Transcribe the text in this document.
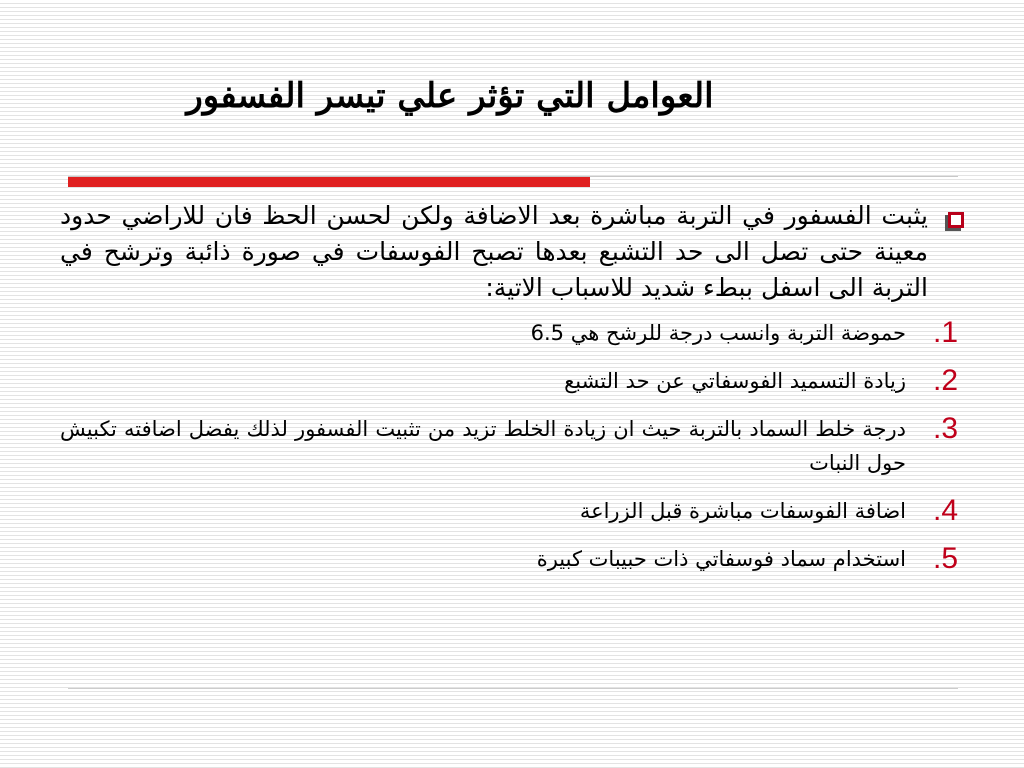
العوامل التي تؤثر علي تيسر الفسفور

يثبت الفسفور في التربة مباشرة بعد الاضافة ولكن لحسن الحظ فان للاراضي حدود معينة حتى تصل الى حد التشبع بعدها تصبح الفوسفات في صورة ذائبة وترشح في التربة الى اسفل ببطء شديد للاسباب الاتية:

1.
حموضة التربة وانسب درجة للرشح هي 6.5
2.
زيادة التسميد الفوسفاتي عن حد التشبع
3.
درجة خلط السماد بالتربة حيث ان زيادة الخلط تزيد من تثبيت الفسفور لذلك يفضل اضافته تكبيش حول النبات
4.
اضافة الفوسفات مباشرة قبل الزراعة
5.
استخدام سماد فوسفاتي ذات حبيبات كبيرة
